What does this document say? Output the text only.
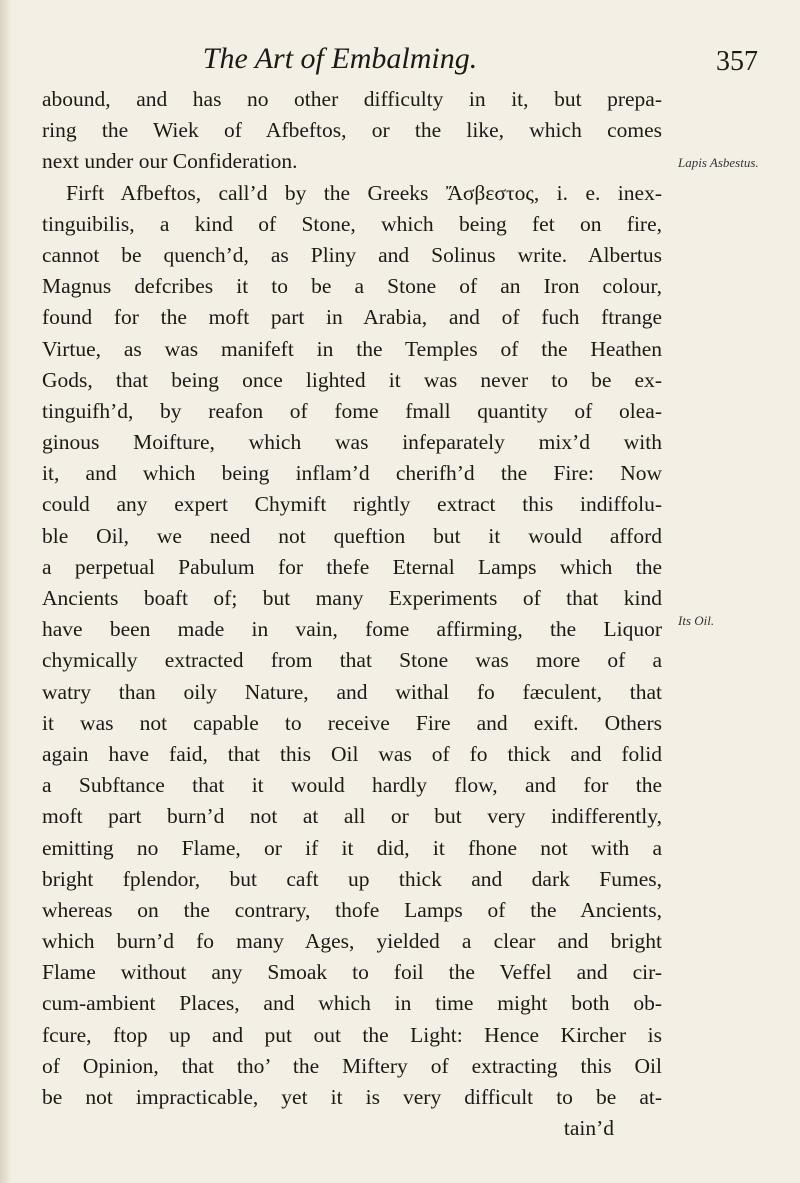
The Art of Embalming.	357
Lapis Asbestus.
Its Oil.
abound, and has no other difficulty in it, but prepa-
ring the Wiek of Afbeftos, or the like, which comes
next under our Confideration.
Firft Afbeftos, call’d by the Greeks Ἄσβεστος, i. e. inex-
tinguibilis, a kind of Stone, which being fet on fire,
cannot be quench’d, as Pliny and Solinus write. Albertus
Magnus defcribes it to be a Stone of an Iron colour,
found for the moft part in Arabia, and of fuch ftrange
Virtue, as was manifeft in the Temples of the Heathen
Gods, that being once lighted it was never to be ex-
tinguifh’d, by reafon of fome fmall quantity of olea-
ginous Moifture, which was infeparately mix’d with
it, and which being inflam’d cherifh’d the Fire: Now
could any expert Chymift rightly extract this indiffolu-
ble Oil, we need not queftion but it would afford
a perpetual Pabulum for thefe Eternal Lamps which the
Ancients boaft of; but many Experiments of that kind
have been made in vain, fome affirming, the Liquor
chymically extracted from that Stone was more of a
watry than oily Nature, and withal fo fæculent, that
it was not capable to receive Fire and exift. Others
again have faid, that this Oil was of fo thick and folid
a Subftance that it would hardly flow, and for the
moft part burn’d not at all or but very indifferently,
emitting no Flame, or if it did, it fhone not with a
bright fplendor, but caft up thick and dark Fumes,
whereas on the contrary, thofe Lamps of the Ancients,
which burn’d fo many Ages, yielded a clear and bright
Flame without any Smoak to foil the Veffel and cir-
cum-ambient Places, and which in time might both ob-
fcure, ftop up and put out the Light: Hence Kircher is
of Opinion, that tho’ the Miftery of extracting this Oil
be not impracticable, yet it is very difficult to be at-
tain’d
